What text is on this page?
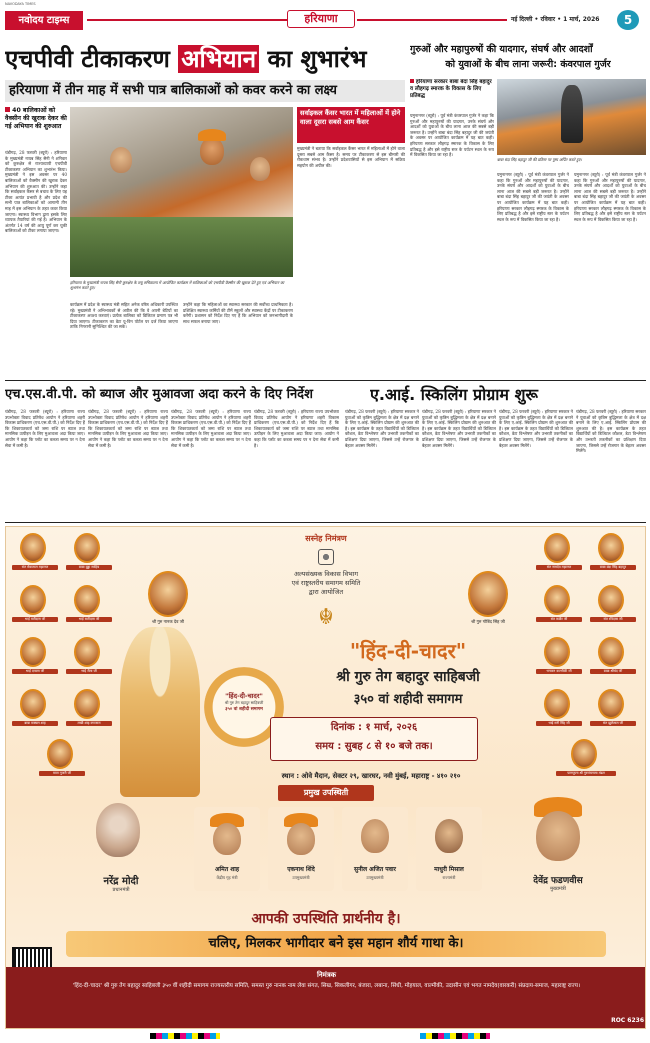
नवोदय टाइम्स
NAVODAYA TIMES
हरियाणा	नई दिल्ली • रविवार • 1 मार्च, 2026	5
एचपीवी टीकाकरण अभियान का शुभारंभ
हरियाणा में तीन माह में सभी पात्र बालिकाओं को कवर करने का लक्ष्य
40 बालिकाओं को वैक्सीन की खुराक देकर की गई अभियान की शुरुआत
चंडीगढ़, 28 फरवरी (ब्यूरो) : हरियाणा के मुख्यमंत्री नायब सिंह सैनी ने शनिवार को कुरुक्षेत्र से राज्यव्यापी एचपीवी टीकाकरण अभियान का शुभारंभ किया। मुख्यमंत्री ने इस अवसर पर 40 बालिकाओं को वैक्सीन की खुराक देकर अभियान की शुरुआत की। उन्होंने कहा कि सर्वाइकल कैंसर से बचाव के लिए यह टीका अत्यंत प्रभावी है और प्रदेश की सभी पात्र बालिकाओं को आगामी तीन माह में इस अभियान के तहत कवर किया जाएगा। स्वास्थ्य विभाग द्वारा इसके लिए व्यापक तैयारियां की गई हैं। अभियान के अंतर्गत 14 वर्ष की आयु पूर्ण कर चुकी बालिकाओं को टीका लगाया जाएगा।
हरियाणा के मुख्यमंत्री नायब सिंह सैनी कुरुक्षेत्र के लघु सचिवालय में आयोजित कार्यक्रम में बालिकाओं को एचपीवी वैक्सीन की खुराक देते हुए एवं अभियान का शुभारंभ करते हुए।
सर्वाइकल कैंसर भारत में महिलाओं में होने वाला दूसरा सबसे आम कैंसर
मुख्यमंत्री ने बताया कि सर्वाइकल कैंसर भारत में महिलाओं में होने वाला दूसरा सबसे आम कैंसर है। समय पर टीकाकरण से इस बीमारी की रोकथाम संभव है। उन्होंने प्रदेशवासियों से इस अभियान में सक्रिय सहयोग की अपील की।
कार्यक्रम में प्रदेश के स्वास्थ्य मंत्री सहित अनेक वरिष्ठ अधिकारी उपस्थित रहे। मुख्यमंत्री ने अभिभावकों से अपील की कि वे अपनी बेटियों का टीकाकरण अवश्य करवाएं। प्रत्येक बालिका को डिजिटल प्रमाण पत्र भी दिया जाएगा। टीकाकरण का डेटा यू-विन पोर्टल पर दर्ज किया जाएगा ताकि निगरानी सुनिश्चित की जा सके।
उन्होंने कहा कि महिलाओं का स्वास्थ्य सरकार की सर्वोच्च प्राथमिकता है। प्रशिक्षित स्वास्थ्य कर्मियों की टीमें स्कूलों और स्वास्थ्य केंद्रों पर टीकाकरण करेंगी। प्रशासन को निर्देश दिए गए हैं कि अभियान को जनभागीदारी के साथ सफल बनाया जाए।
गुरुओं और महापुरुषों की यादगार, संघर्ष और आदर्शों
को युवाओं के बीच लाना जरूरी: कंवरपाल गुर्जर
हरियाणा सरकार बाबा बंदा सिंह बहादुर व लौहगढ़ स्मारक के विकास के लिए प्रतिबद्ध
यमुनानगर (ब्यूरो) : पूर्व मंत्री कंवरपाल गुर्जर ने कहा कि गुरुओं और महापुरुषों की यादगार, उनके संघर्ष और आदर्शों को युवाओं के बीच लाना आज की सबसे बड़ी जरूरत है। उन्होंने बाबा बंदा सिंह बहादुर जी की जयंती के अवसर पर आयोजित कार्यक्रम में यह बात कही। हरियाणा सरकार लौहगढ़ स्मारक के विकास के लिए प्रतिबद्ध है और इसे राष्ट्रीय स्तर के पर्यटन स्थल के रूप में विकसित किया जा रहा है।
बाबा बंदा सिंह बहादुर जी की प्रतिमा पर पुष्प अर्पित करते हुए।
यमुनानगर (ब्यूरो) : पूर्व मंत्री कंवरपाल गुर्जर ने कहा कि गुरुओं और महापुरुषों की यादगार, उनके संघर्ष और आदर्शों को युवाओं के बीच लाना आज की सबसे बड़ी जरूरत है। उन्होंने बाबा बंदा सिंह बहादुर जी की जयंती के अवसर पर आयोजित कार्यक्रम में यह बात कही। हरियाणा सरकार लौहगढ़ स्मारक के विकास के लिए प्रतिबद्ध है और इसे राष्ट्रीय स्तर के पर्यटन स्थल के रूप में विकसित किया जा रहा है।
यमुनानगर (ब्यूरो) : पूर्व मंत्री कंवरपाल गुर्जर ने कहा कि गुरुओं और महापुरुषों की यादगार, उनके संघर्ष और आदर्शों को युवाओं के बीच लाना आज की सबसे बड़ी जरूरत है। उन्होंने बाबा बंदा सिंह बहादुर जी की जयंती के अवसर पर आयोजित कार्यक्रम में यह बात कही। हरियाणा सरकार लौहगढ़ स्मारक के विकास के लिए प्रतिबद्ध है और इसे राष्ट्रीय स्तर के पर्यटन स्थल के रूप में विकसित किया जा रहा है।
एच.एस.वी.पी. को ब्याज और मुआवजा अदा करने के दिए निर्देश
चंडीगढ़, 28 फरवरी (ब्यूरो) : हरियाणा राज्य उपभोक्ता विवाद प्रतिषेध आयोग ने हरियाणा शहरी विकास प्राधिकरण (एच.एस.वी.पी.) को निर्देश दिए हैं कि शिकायतकर्ता को जमा राशि पर ब्याज तथा मानसिक उत्पीड़न के लिए मुआवजा अदा किया जाए। आयोग ने कहा कि प्लॉट का कब्जा समय पर न देना सेवा में कमी है।
चंडीगढ़, 28 फरवरी (ब्यूरो) : हरियाणा राज्य उपभोक्ता विवाद प्रतिषेध आयोग ने हरियाणा शहरी विकास प्राधिकरण (एच.एस.वी.पी.) को निर्देश दिए हैं कि शिकायतकर्ता को जमा राशि पर ब्याज तथा मानसिक उत्पीड़न के लिए मुआवजा अदा किया जाए। आयोग ने कहा कि प्लॉट का कब्जा समय पर न देना सेवा में कमी है।
चंडीगढ़, 28 फरवरी (ब्यूरो) : हरियाणा राज्य उपभोक्ता विवाद प्रतिषेध आयोग ने हरियाणा शहरी विकास प्राधिकरण (एच.एस.वी.पी.) को निर्देश दिए हैं कि शिकायतकर्ता को जमा राशि पर ब्याज तथा मानसिक उत्पीड़न के लिए मुआवजा अदा किया जाए। आयोग ने कहा कि प्लॉट का कब्जा समय पर न देना सेवा में कमी है।
चंडीगढ़, 28 फरवरी (ब्यूरो) : हरियाणा राज्य उपभोक्ता विवाद प्रतिषेध आयोग ने हरियाणा शहरी विकास प्राधिकरण (एच.एस.वी.पी.) को निर्देश दिए हैं कि शिकायतकर्ता को जमा राशि पर ब्याज तथा मानसिक उत्पीड़न के लिए मुआवजा अदा किया जाए। आयोग ने कहा कि प्लॉट का कब्जा समय पर न देना सेवा में कमी है।
ए.आई. स्किलिंग प्रोग्राम शुरू
चंडीगढ़, 28 फरवरी (ब्यूरो) : हरियाणा सरकार ने युवाओं को कृत्रिम बुद्धिमत्ता के क्षेत्र में दक्ष बनाने के लिए ए.आई. स्किलिंग प्रोग्राम की शुरुआत की है। इस कार्यक्रम के तहत विद्यार्थियों को डिजिटल कौशल, डेटा विश्लेषण और उभरती तकनीकों का प्रशिक्षण दिया जाएगा, जिससे उन्हें रोजगार के बेहतर अवसर मिलेंगे।
चंडीगढ़, 28 फरवरी (ब्यूरो) : हरियाणा सरकार ने युवाओं को कृत्रिम बुद्धिमत्ता के क्षेत्र में दक्ष बनाने के लिए ए.आई. स्किलिंग प्रोग्राम की शुरुआत की है। इस कार्यक्रम के तहत विद्यार्थियों को डिजिटल कौशल, डेटा विश्लेषण और उभरती तकनीकों का प्रशिक्षण दिया जाएगा, जिससे उन्हें रोजगार के बेहतर अवसर मिलेंगे।
चंडीगढ़, 28 फरवरी (ब्यूरो) : हरियाणा सरकार ने युवाओं को कृत्रिम बुद्धिमत्ता के क्षेत्र में दक्ष बनाने के लिए ए.आई. स्किलिंग प्रोग्राम की शुरुआत की है। इस कार्यक्रम के तहत विद्यार्थियों को डिजिटल कौशल, डेटा विश्लेषण और उभरती तकनीकों का प्रशिक्षण दिया जाएगा, जिससे उन्हें रोजगार के बेहतर अवसर मिलेंगे।
चंडीगढ़, 28 फरवरी (ब्यूरो) : हरियाणा सरकार ने युवाओं को कृत्रिम बुद्धिमत्ता के क्षेत्र में दक्ष बनाने के लिए ए.आई. स्किलिंग प्रोग्राम की शुरुआत की है। इस कार्यक्रम के तहत विद्यार्थियों को डिजिटल कौशल, डेटा विश्लेषण और उभरती तकनीकों का प्रशिक्षण दिया जाएगा, जिससे उन्हें रोजगार के बेहतर अवसर मिलेंगे।
संत सेवालाल महाराज	बाबा बुड्ढा साहिब
भाई मतीदास जी	भाई सतीदास जी
भाई दयाला जी	भाई जैता जी
बाबा मक्खन शाह	लखी शाह वणजारा
माता गुजरी जी
संत नामदेव महाराज	बाबा बंदा सिंह बहादुर
संत कबीर जी	संत रविदास जी
भगवान वाल्मीकी जी	बाबा श्रीचंद जी
भाई मनी सिंह जी	संत झूलेलाल जी
परमपूज्य श्री गुरुपंचनामा मंडल
सस्नेह निमंत्रण
अल्पसंख्यक विकास विभाग
एवं राष्ट्रस्तरीय समागम समिति
द्वारा आयोजित
श्री गुरु नानक देव जी	श्री गुरु गोबिंद सिंह जी
☬
"हिंद-दी-चादर"
श्री गुरु तेग बहादुर साहिबजी
३५० वां शहीदी समागम
"हिंद-दी-चादर"
श्री गुरु तेग बहादुर साहिबजी
३५० वां शहीदी समागम
दिनांक : १ मार्च, २०२६
समय : सुबह ८ से १० बजे तक।
स्थान : ओवे मैदान, सेक्टर २९, खारघर, नवी मुंबई, महाराष्ट्र - ४१० २१०
प्रमुख उपस्थिती
नरेंद्र मोदी
प्रधानमंत्री
अमित शाह
केंद्रीय गृह मंत्री
एकनाथ शिंदे
उपमुख्यमंत्री
सुनील अजित पवार
उपमुख्यमंत्री
माधुरी मिसाल
राज्यमंत्री	देवेंद्र फडणवीस
मुख्यमंत्री
आपकी उपस्थिति प्रार्थनीय है।
चलिए, मिलकर भागीदार बने इस महान शौर्य गाथा के।
निमंत्रक
'हिंद-दी-चादर' श्री गुरु तेग बहादुर साहिबजी ३५० वीं शहीदी समागम राज्यस्तरीय समिति, समस्त गुरु नानक नाम लेवा संगत, सिख, सिकलीगर, बंजारा, लबाना, सिंधी, मोहयाल, वाल्मीकी, उदासीन एवं भगत नामदेव(वारकरी) संप्रदाय-समाज, महाराष्ट्र राज्य।
ROC 6236
